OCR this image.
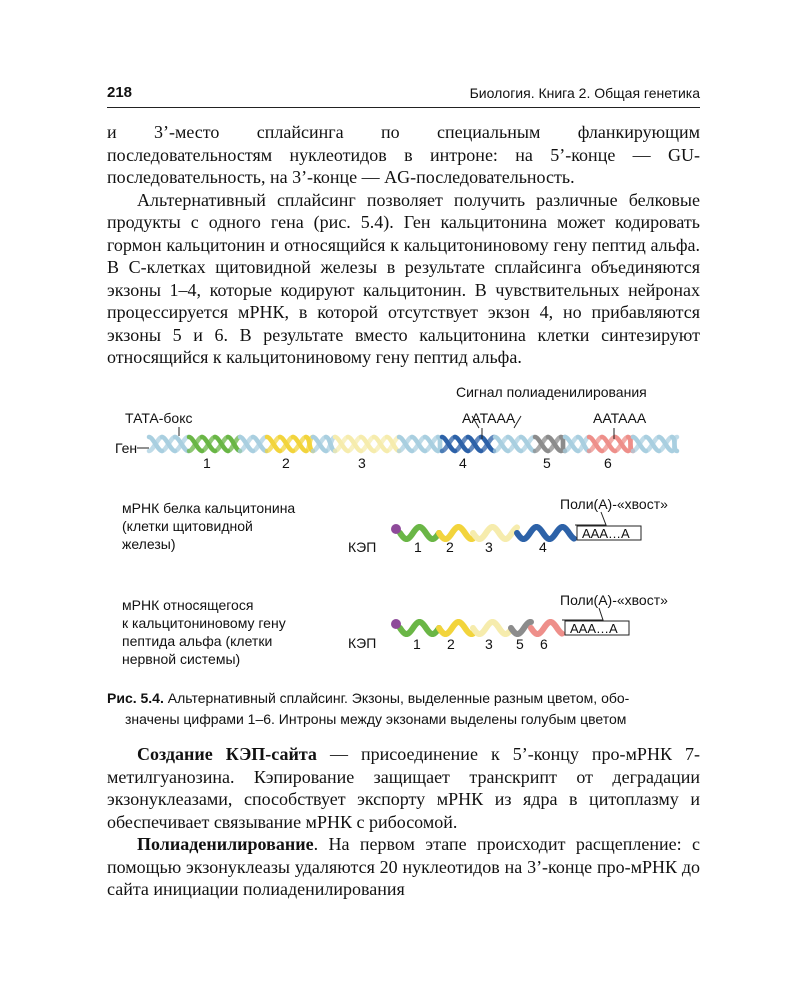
218	Биология. Книга 2. Общая генетика

и 3’-место сплайсинга по специальным фланкирующим последовательностям нуклеотидов в интроне: на 5’-конце — GU-последовательность, на 3’-конце — AG-последовательность.

Альтернативный сплайсинг позволяет получить различные белковые продукты с одного гена (рис. 5.4). Ген кальцитонина может кодировать гормон кальцитонин и относящийся к кальцитониновому гену пептид альфа. В С-клетках щитовидной железы в результате сплайсинга объединяются экзоны 1–4, которые кодируют кальцитонин. В чувствительных нейронах процессируется мРНК, в которой отсутствует экзон 4, но прибавляются экзоны 5 и 6. В результате вместо кальцитонина клетки синтезируют относящийся к кальцитониновому гену пептид альфа.

Сигнал полиаденилирования
ТАТА-бокс	AATAAA	AATAAA
Ген
1	2	3	4	5	6
мРНК белка кальцитонина
(клетки щитовидной
железы)
Поли(A)-«хвост»
AAA…A
КЭП	1 2 3	4
мРНК относящегося
к кальцитониновому гену
пептида альфа (клетки
нервной системы)
Поли(A)-«хвост»
AAA…A
КЭП	1 2 3 5 6
Рис. 5.4. Альтернативный сплайсинг. Экзоны, выделенные разным цветом, обо-
значены цифрами 1–6. Интроны между экзонами выделены голубым цветом

Создание КЭП-сайта — присоединение к 5’-концу про-мРНК 7-метилгуанозина. Кэпирование защищает транскрипт от деградации экзонуклеазами, способствует экспорту мРНК из ядра в цитоплазму и обеспечивает связывание мРНК с рибосомой.

Полиаденилирование. На первом этапе происходит расщепление: с помощью экзонуклеазы удаляются 20 нуклеотидов на 3’-конце про-мРНК до сайта инициации полиаденилирования
